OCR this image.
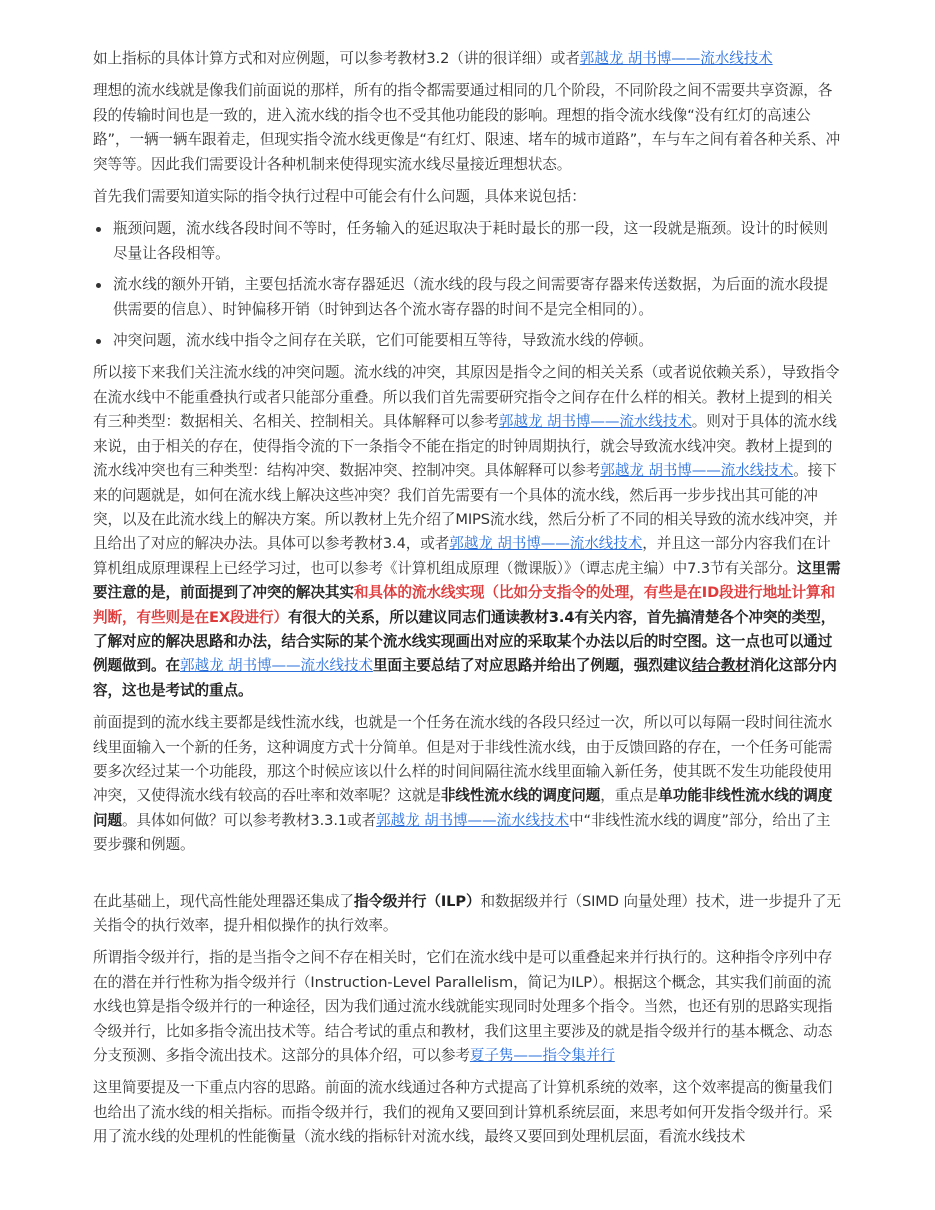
如上指标的具体计算方式和对应例题，可以参考教材3.2（讲的很详细）或者郭越龙 胡书博——流水线技术

理想的流水线就是像我们前面说的那样，所有的指令都需要通过相同的几个阶段，不同阶段之间不需要共享资源，各段的传输时间也是一致的，进入流水线的指令也不受其他功能段的影响。理想的指令流水线像“没有红灯的高速公路”，一辆一辆车跟着走，但现实指令流水线更像是“有红灯、限速、堵车的城市道路”，车与车之间有着各种关系、冲突等等。因此我们需要设计各种机制来使得现实流水线尽量接近理想状态。

首先我们需要知道实际的指令执行过程中可能会有什么问题，具体来说包括：

瓶颈问题，流水线各段时间不等时，任务输入的延迟取决于耗时最长的那一段，这一段就是瓶颈。设计的时候则尽量让各段相等。
流水线的额外开销，主要包括流水寄存器延迟（流水线的段与段之间需要寄存器来传送数据，为后面的流水段提供需要的信息）、时钟偏移开销（时钟到达各个流水寄存器的时间不是完全相同的）。
冲突问题，流水线中指令之间存在关联，它们可能要相互等待，导致流水线的停顿。

所以接下来我们关注流水线的冲突问题。流水线的冲突，其原因是指令之间的相关关系（或者说依赖关系），导致指令在流水线中不能重叠执行或者只能部分重叠。所以我们首先需要研究指令之间存在什么样的相关。教材上提到的相关有三种类型：数据相关、名相关、控制相关。具体解释可以参考郭越龙 胡书博——流水线技术。则对于具体的流水线来说，由于相关的存在，使得指令流的下一条指令不能在指定的时钟周期执行，就会导致流水线冲突。教材上提到的流水线冲突也有三种类型：结构冲突、数据冲突、控制冲突。具体解释可以参考郭越龙 胡书博——流水线技术。接下来的问题就是，如何在流水线上解决这些冲突？我们首先需要有一个具体的流水线，然后再一步步找出其可能的冲突，以及在此流水线上的解决方案。所以教材上先介绍了MIPS流水线，然后分析了不同的相关导致的流水线冲突，并且给出了对应的解决办法。具体可以参考教材3.4，或者郭越龙 胡书博——流水线技术，并且这一部分内容我们在计算机组成原理课程上已经学习过，也可以参考《计算机组成原理（微课版）》（谭志虎主编）中7.3节有关部分。这里需要注意的是，前面提到了冲突的解决其实和具体的流水线实现（比如分支指令的处理，有些是在ID段进行地址计算和判断，有些则是在EX段进行）有很大的关系，所以建议同志们通读教材3.4有关内容，首先搞清楚各个冲突的类型，了解对应的解决思路和办法，结合实际的某个流水线实现画出对应的采取某个办法以后的时空图。这一点也可以通过例题做到。在郭越龙 胡书博——流水线技术里面主要总结了对应思路并给出了例题，强烈建议结合教材消化这部分内容，这也是考试的重点。

前面提到的流水线主要都是线性流水线，也就是一个任务在流水线的各段只经过一次，所以可以每隔一段时间往流水线里面输入一个新的任务，这种调度方式十分简单。但是对于非线性流水线，由于反馈回路的存在，一个任务可能需要多次经过某一个功能段，那这个时候应该以什么样的时间间隔往流水线里面输入新任务，使其既不发生功能段使用冲突，又使得流水线有较高的吞吐率和效率呢？这就是非线性流水线的调度问题，重点是单功能非线性流水线的调度问题。具体如何做？可以参考教材3.3.1或者郭越龙 胡书博——流水线技术中“非线性流水线的调度”部分，给出了主要步骤和例题。

在此基础上，现代高性能处理器还集成了指令级并行（ILP）和数据级并行（SIMD 向量处理）技术，进一步提升了无关指令的执行效率，提升相似操作的执行效率。

所谓指令级并行，指的是当指令之间不存在相关时，它们在流水线中是可以重叠起来并行执行的。这种指令序列中存在的潜在并行性称为指令级并行（Instruction-Level Parallelism，简记为ILP）。根据这个概念，其实我们前面的流水线也算是指令级并行的一种途径，因为我们通过流水线就能实现同时处理多个指令。当然，也还有别的思路实现指令级并行，比如多指令流出技术等。结合考试的重点和教材，我们这里主要涉及的就是指令级并行的基本概念、动态分支预测、多指令流出技术。这部分的具体介绍，可以参考夏子隽——指令集并行

这里简要提及一下重点内容的思路。前面的流水线通过各种方式提高了计算机系统的效率，这个效率提高的衡量我们也给出了流水线的相关指标。而指令级并行，我们的视角又要回到计算机系统层面，来思考如何开发指令级并行。采用了流水线的处理机的性能衡量（流水线的指标针对流水线，最终又要回到处理机层面，看流水线技术
